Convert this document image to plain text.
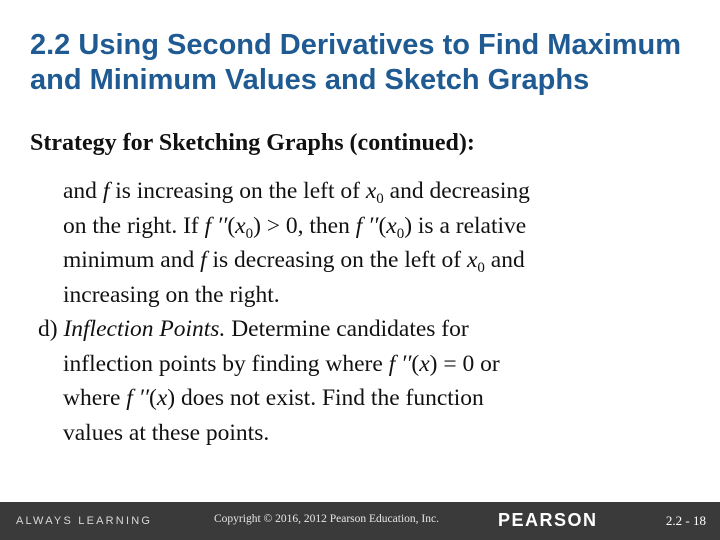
2.2 Using Second Derivatives to Find Maximum and Minimum Values and Sketch Graphs
Strategy for Sketching Graphs (continued):

and f is increasing on the left of $x_0$ and decreasing

on the right. If f $''(x_0) > 0$, then f $''(x_0)$ is a relative

minimum and f is decreasing on the left of $x_0$ and

increasing on the right.

d) Inflection Points. Determine candidates for

inflection points by finding where f ′′(x) = 0 or

where f ′′(x) does not exist. Find the function

values at these points.

ALWAYS LEARNING	Copyright © 2016, 2012 Pearson Education, Inc.	PEARSON	2.2 - 18
